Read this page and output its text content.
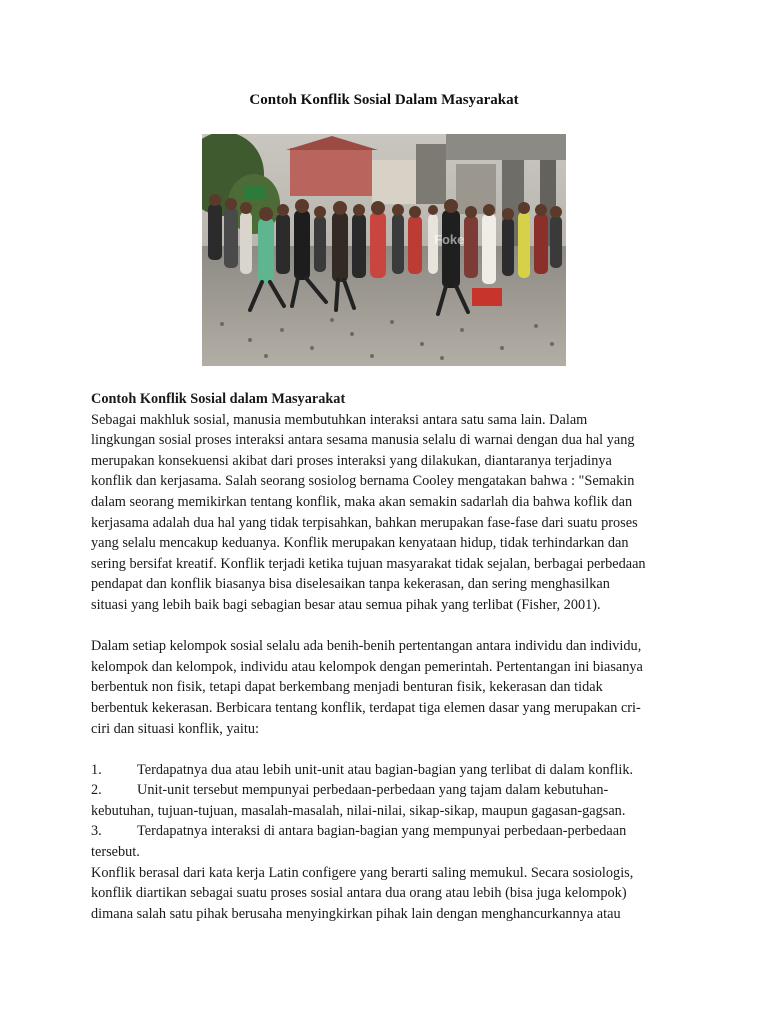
Contoh Konflik Sosial Dalam Masyarakat
Foke

Contoh Konflik Sosial dalam Masyarakat

Sebagai makhluk sosial, manusia membutuhkan interaksi antara satu sama lain. Dalam

lingkungan sosial proses interaksi antara sesama manusia selalu di warnai dengan dua hal yang

merupakan konsekuensi akibat dari proses interaksi yang dilakukan, diantaranya terjadinya

konflik dan kerjasama. Salah seorang sosiolog bernama Cooley mengatakan bahwa : "Semakin

dalam seorang memikirkan tentang konflik, maka akan semakin sadarlah dia bahwa koflik dan

kerjasama adalah dua hal yang tidak terpisahkan, bahkan merupakan fase-fase dari suatu proses

yang selalu mencakup keduanya. Konflik merupakan kenyataan hidup, tidak terhindarkan dan

sering bersifat kreatif. Konflik terjadi ketika tujuan masyarakat tidak sejalan, berbagai perbedaan

pendapat dan konflik biasanya bisa diselesaikan tanpa kekerasan, dan sering menghasilkan

situasi yang lebih baik bagi sebagian besar atau semua pihak yang terlibat (Fisher, 2001).

Dalam setiap kelompok sosial selalu ada benih-benih pertentangan antara individu dan individu,

kelompok dan kelompok, individu atau kelompok dengan pemerintah. Pertentangan ini biasanya

berbentuk non fisik, tetapi dapat berkembang menjadi benturan fisik, kekerasan dan tidak

berbentuk kekerasan. Berbicara tentang konflik, terdapat tiga elemen dasar yang merupakan cri-

ciri dan situasi konflik, yaitu:

1. Terdapatnya dua atau lebih unit-unit atau bagian-bagian yang terlibat di dalam konflik.

2. Unit-unit tersebut mempunyai perbedaan-perbedaan yang tajam dalam kebutuhan-

kebutuhan, tujuan-tujuan, masalah-masalah, nilai-nilai, sikap-sikap, maupun gagasan-gagsan.

3. Terdapatnya interaksi di antara bagian-bagian yang mempunyai perbedaan-perbedaan

tersebut.

Konflik berasal dari kata kerja Latin configere yang berarti saling memukul. Secara sosiologis,

konflik diartikan sebagai suatu proses sosial antara dua orang atau lebih (bisa juga kelompok)

dimana salah satu pihak berusaha menyingkirkan pihak lain dengan menghancurkannya atau
